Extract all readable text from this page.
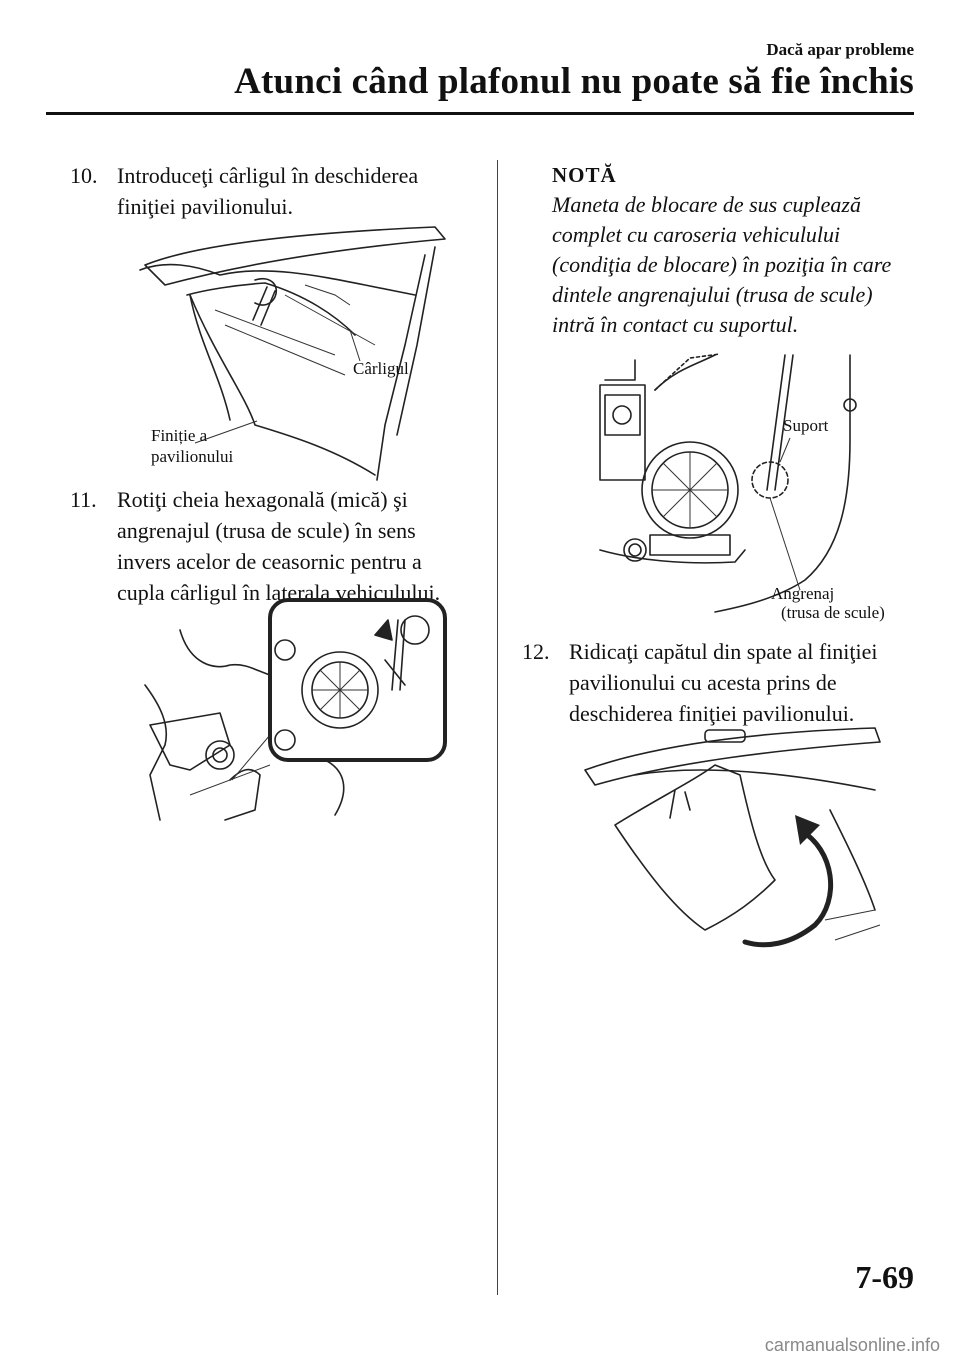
Dacă apar probleme
Atunci când plafonul nu poate să fie închis
10. Introduceţi cârligul în deschiderea
finiţiei pavilionului.
Cârligul
Finiție a
pavilionului
11. Rotiţi cheia hexagonală (mică) şi
angrenajul (trusa de scule) în sens
invers acelor de ceasornic pentru a
cupla cârligul în laterala vehiculului.
NOTĂ
Maneta de blocare de sus cuplează
complet cu caroseria vehiculului
(condiţia de blocare) în poziţia în care
dintele angrenajului (trusa de scule)
intră în contact cu suportul.
Suport
Angrenaj
(trusa de scule)
12. Ridicaţi capătul din spate al finiţiei
pavilionului cu acesta prins de
deschiderea finiţiei pavilionului.
7-69
carmanualsonline.info
